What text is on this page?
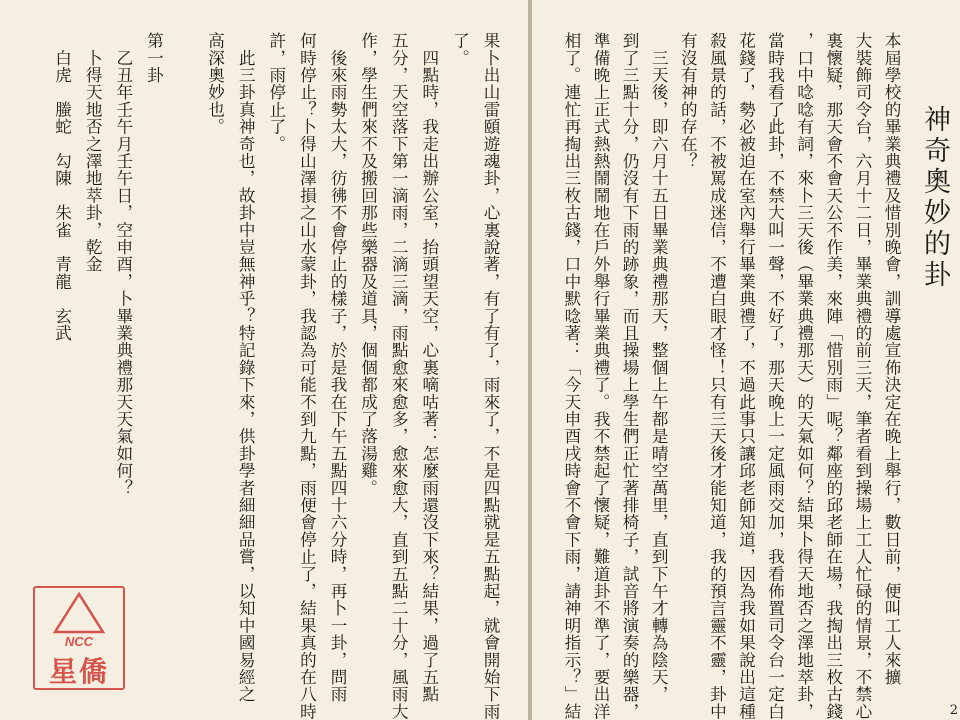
果卜出山雷頤遊魂卦，心裏說著，有了有了，雨來了，不是四點就是五點起，就會開始下雨
了。
　四點時，我走出辦公室，抬頭望天空，心裏嘀咕著：怎麼雨還沒下來？結果，過了五點
五分，天空落下第一滴雨，二滴三滴，雨點愈來愈多，愈來愈大，直到五點二十分，風雨大
作，學生們來不及搬回那些樂器及道具，個個都成了落湯雞。
　後來雨勢太大，彷彿不會停止的樣子，於是我在下午五點四十六分時，再卜一卦，問雨
何時停止？卜得山澤損之山水蒙卦，我認為可能不到九點，雨便會停止了，結果真的在八時
許，雨停止了。
　此三卦真神奇也，故卦中豈無神乎？特記錄下來，供卦學者細細品嘗，以知中國易經之
高深奧妙也。
第一卦
　乙丑年壬午月壬午日，空申酉，卜畢業典禮那天天氣如何？
　卜得天地否之澤地萃卦，乾金
　白虎　螣蛇　勾陳　朱雀　青龍　玄武
NCC
星僑	本屆學校的畢業典禮及惜別晚會，訓導處宣佈決定在晚上舉行，數日前，便叫工人來擴
大裝飾司令台，六月十二日，畢業典禮的前三天，筆者看到操場上工人忙碌的情景，不禁心
裏懷疑，那天會不會天公不作美，來陣「惜別雨」呢？鄰座的邱老師在場，我掏出三枚古錢
，口中唸唸有詞，來卜三天後（畢業典禮那天）的天氣如何？結果卜得天地否之澤地萃卦，
當時我看了此卦，不禁大叫一聲，不好了，那天晚上一定風雨交加，我看佈置司令台一定白
花錢了，勢必被迫在室內舉行畢業典禮了，不過此事只讓邱老師知道，因為我如果說出這種
殺風景的話，不被罵成迷信，不遭白眼才怪！只有三天後才能知道，我的預言靈不靈，卦中
有沒有神的存在？
　三天後，即六月十五日畢業典禮那天，整個上午都是晴空萬里，直到下午才轉為陰天，
到了三點十分，仍沒有下雨的跡象，而且操場上學生們正忙著排椅子，試音將演奏的樂器，
準備晚上正式熱熱鬧鬧地在戶外舉行畢業典禮了。我不禁起了懷疑，難道卦不準了，要出洋
相了。連忙再掏出三枚古錢，口中默唸著：「今天申酉戌時會不會下雨，請神明指示？」結	神奇奧妙的卦
2
